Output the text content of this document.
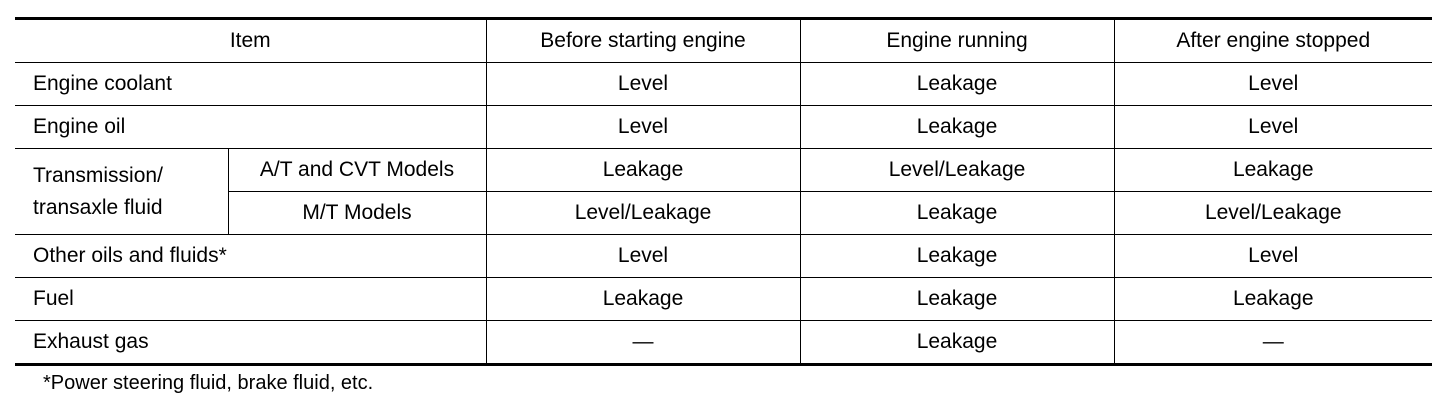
Item		Before starting engine	Engine running	After engine stopped
Engine coolant		Level	Leakage	Level
Engine oil		Level	Leakage	Level
Transmission/ transaxle fluid	A/T and CVT Models	Leakage	Level/Leakage	Leakage
	M/T Models	Level/Leakage	Leakage	Level/Leakage
Other oils and fluids*		Level	Leakage	Level
Fuel		Leakage	Leakage	Leakage
Exhaust gas		—	Leakage	—
*Power steering fluid, brake fluid, etc.
